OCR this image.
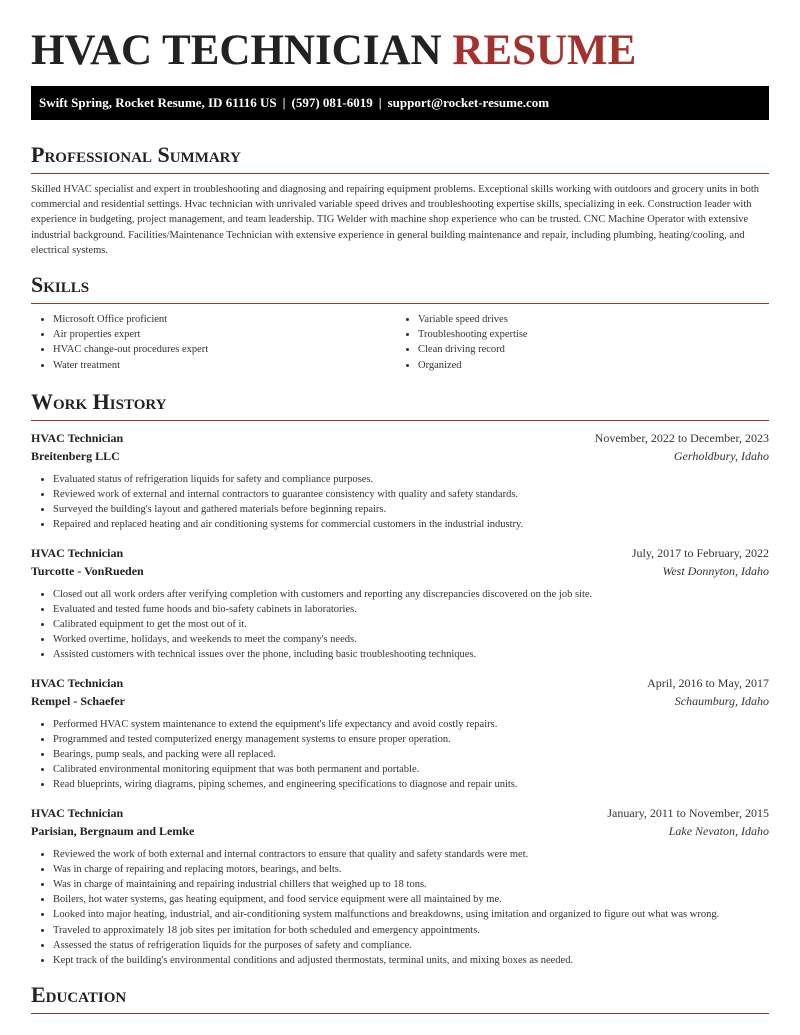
HVAC TECHNICIAN RESUME
Swift Spring, Rocket Resume, ID 61116 US | (597) 081-6019 | support@rocket-resume.com
Professional Summary

Skilled HVAC specialist and expert in troubleshooting and diagnosing and repairing equipment problems. Exceptional skills working with outdoors and grocery units in both commercial and residential settings. Hvac technician with unrivaled variable speed drives and troubleshooting expertise skills, specializing in eek. Construction leader with experience in budgeting, project management, and team leadership. TIG Welder with machine shop experience who can be trusted. CNC Machine Operator with extensive industrial background. Facilities/Maintenance Technician with extensive experience in general building maintenance and repair, including plumbing, heating/cooling, and electrical systems.

Skills
• Microsoft Office proficient
• Air properties expert
• HVAC change-out procedures expert
• Water treatment
• Variable speed drives
• Troubleshooting expertise
• Clean driving record
• Organized
Work History
HVAC Technician	November, 2022 to December, 2023
Breitenberg LLC	Gerholdbury, Idaho
• Evaluated status of refrigeration liquids for safety and compliance purposes.
• Reviewed work of external and internal contractors to guarantee consistency with quality and safety standards.
• Surveyed the building's layout and gathered materials before beginning repairs.
• Repaired and replaced heating and air conditioning systems for commercial customers in the industrial industry.
HVAC Technician	July, 2017 to February, 2022
Turcotte - VonRueden	West Donnyton, Idaho
• Closed out all work orders after verifying completion with customers and reporting any discrepancies discovered on the job site.
• Evaluated and tested fume hoods and bio-safety cabinets in laboratories.
• Calibrated equipment to get the most out of it.
• Worked overtime, holidays, and weekends to meet the company's needs.
• Assisted customers with technical issues over the phone, including basic troubleshooting techniques.
HVAC Technician	April, 2016 to May, 2017
Rempel - Schaefer	Schaumburg, Idaho
• Performed HVAC system maintenance to extend the equipment's life expectancy and avoid costly repairs.
• Programmed and tested computerized energy management systems to ensure proper operation.
• Bearings, pump seals, and packing were all replaced.
• Calibrated environmental monitoring equipment that was both permanent and portable.
• Read blueprints, wiring diagrams, piping schemes, and engineering specifications to diagnose and repair units.
HVAC Technician	January, 2011 to November, 2015
Parisian, Bergnaum and Lemke	Lake Nevaton, Idaho
• Reviewed the work of both external and internal contractors to ensure that quality and safety standards were met.
• Was in charge of repairing and replacing motors, bearings, and belts.
• Was in charge of maintaining and repairing industrial chillers that weighed up to 18 tons.
• Boilers, hot water systems, gas heating equipment, and food service equipment were all maintained by me.
• Looked into major heating, industrial, and air-conditioning system malfunctions and breakdowns, using imitation and organized to figure out what was wrong.
• Traveled to approximately 18 job sites per imitation for both scheduled and emergency appointments.
• Assessed the status of refrigeration liquids for the purposes of safety and compliance.
• Kept track of the building's environmental conditions and adjusted thermostats, terminal units, and mixing boxes as needed.
Education
